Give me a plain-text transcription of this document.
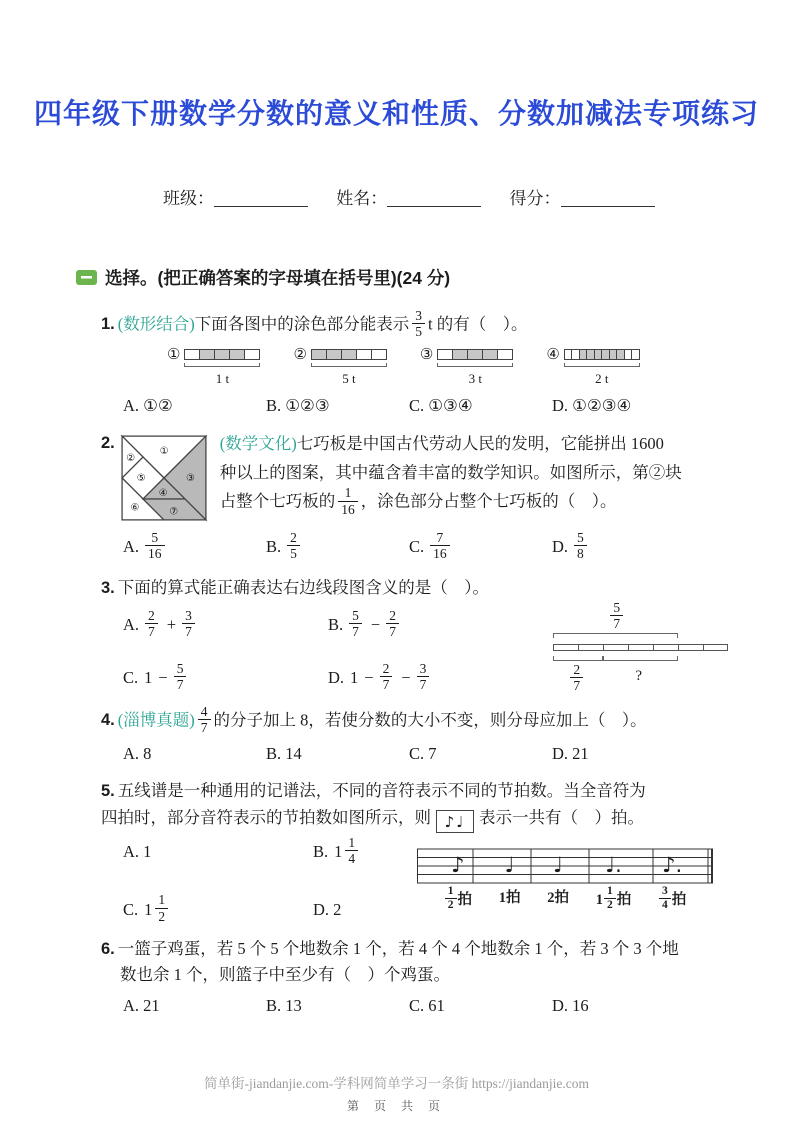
四年级下册数学分数的意义和性质、分数加减法专项练习
班级：	姓名：	得分：
选择。(把正确答案的字母填在括号里)(24 分)
1. (数形结合)下面各图中的涂色部分能表示 $\frac{3}{5}$ t 的有（　）。
①
1 t
②
5 t
③
3 t
④
2 t
A. ①②	B. ①②③	C. ①③④	D. ①②③④
2.	①
②
③
④
⑤
⑥	⑦
(数学文化)七巧板是中国古代劳动人民的发明，它能拼出 1600
种以上的图案，其中蕴含着丰富的数学知识。如图所示，第②块
占整个七巧板的 $\frac{1}{16}$ ，涂色部分占整个七巧板的（　）。
A. $\frac{5}{16}$	B. $\frac{2}{5}$	C. $\frac{7}{16}$	D. $\frac{5}{8}$
3. 下面的算式能正确表达右边线段图含义的是（　）。
A. $\frac{2}{7} + \frac{3}{7}$	B. $\frac{5}{7} - \frac{2}{7}$
C. $1 - \frac{5}{7}$	D. $1 - \frac{2}{7} - \frac{3}{7}$
$\frac{5}{7}$
$\frac{2}{7}$	?
4. (淄博真题) $\frac{4}{7}$ 的分子加上 8，若使分数的大小不变，则分母应加上（　）。
A. 8	B. 14	C. 7	D. 21
5. 五线谱是一种通用的记谱法，不同的音符表示不同的节拍数。当全音符为
四拍时，部分音符表示的节拍数如图所示，则 ♪♩ 表示一共有（　）拍。
A. 1	B. $1 \frac{1}{4}$
C. $1 \frac{1}{2}$	D. 2
♪
$\frac{1}{2}$ 拍
♩
1 拍
♩
2 拍
♩.
$1 \frac{1}{2}$ 拍
♪.
$\frac{3}{4}$ 拍
6. 一篮子鸡蛋，若 5 个 5 个地数余 1 个，若 4 个 4 个地数余 1 个，若 3 个 3 个地
数也余 1 个，则篮子中至少有（　）个鸡蛋。
A. 21	B. 13	C. 61	D. 16
简单街-jiandanjie.com-学科网简单学习一条街 https://jiandanjie.com
第 页 共 页
